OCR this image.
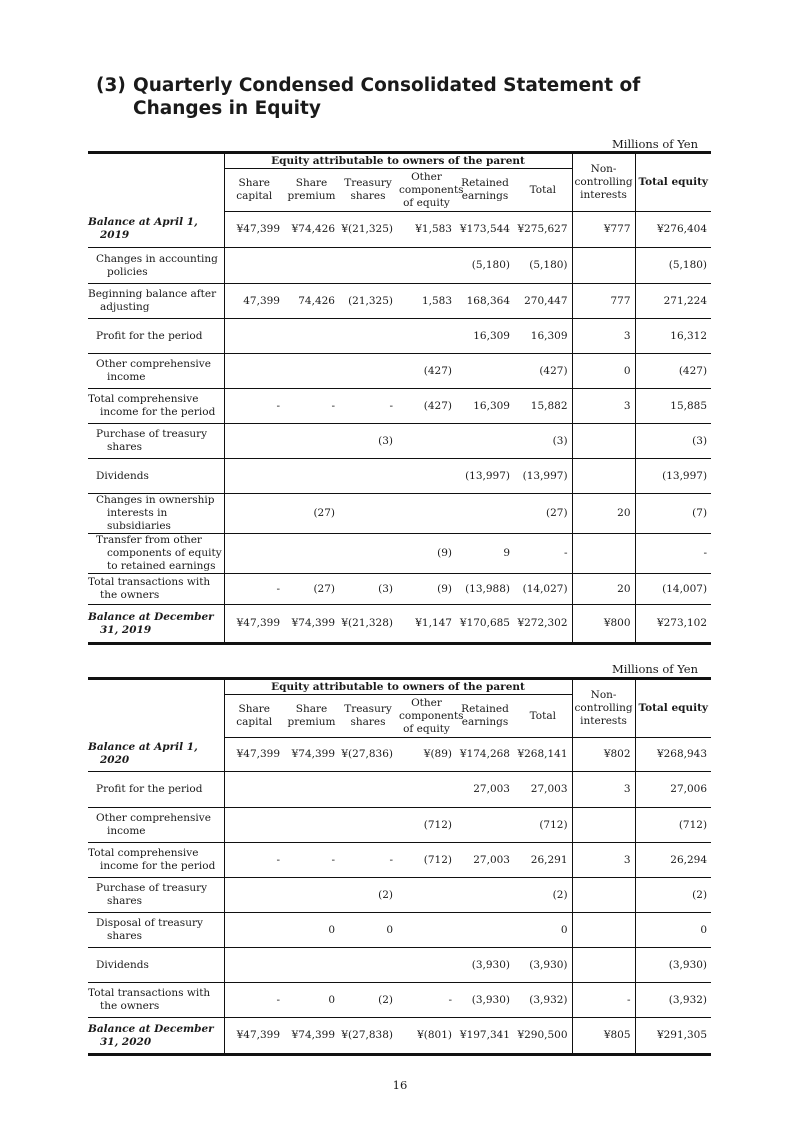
(3) Quarterly Condensed Consolidated Statement of Changes in Equity
Millions of Yen
	Equity attributable to owners of the parent						Non-controlling interests	Total equity
	Share capital	Share premium	Treasury shares	Other components of equity	Retained earnings	Total		

Balance at April 1, 2019	¥47,399	¥74,426	¥(21,325)	¥1,583	¥173,544	¥275,627	¥777	¥276,404

Changes in accounting policies					(5,180)	(5,180)		(5,180)

Beginning balance after adjusting	47,399	74,426	(21,325)	1,583	168,364	270,447	777	271,224

Profit for the period					16,309	16,309	3	16,312

Other comprehensive income				(427)		(427)	0	(427)

Total comprehensive income for the period	-	-	-	(427)	16,309	15,882	3	15,885

Purchase of treasury shares			(3)			(3)		(3)

Dividends					(13,997)	(13,997)		(13,997)

Changes in ownership interests in subsidiaries		(27)				(27)	20	(7)

Transfer from other components of equity to retained earnings				(9)	9	-		-

Total transactions with the owners	-	(27)	(3)	(9)	(13,988)	(14,027)	20	(14,007)

Balance at December 31, 2019	¥47,399	¥74,399	¥(21,328)	¥1,147	¥170,685	¥272,302	¥800	¥273,102
Millions of Yen
	Equity attributable to owners of the parent						Non-controlling interests	Total equity
	Share capital	Share premium	Treasury shares	Other components of equity	Retained earnings	Total		

Balance at April 1, 2020	¥47,399	¥74,399	¥(27,836)	¥(89)	¥174,268	¥268,141	¥802	¥268,943

Profit for the period					27,003	27,003	3	27,006

Other comprehensive income				(712)		(712)		(712)

Total comprehensive income for the period	-	-	-	(712)	27,003	26,291	3	26,294

Purchase of treasury shares			(2)			(2)		(2)

Disposal of treasury shares		0	0			0		0

Dividends					(3,930)	(3,930)		(3,930)

Total transactions with the owners	-	0	(2)	-	(3,930)	(3,932)	-	(3,932)

Balance at December 31, 2020	¥47,399	¥74,399	¥(27,838)	¥(801)	¥197,341	¥290,500	¥805	¥291,305
16
